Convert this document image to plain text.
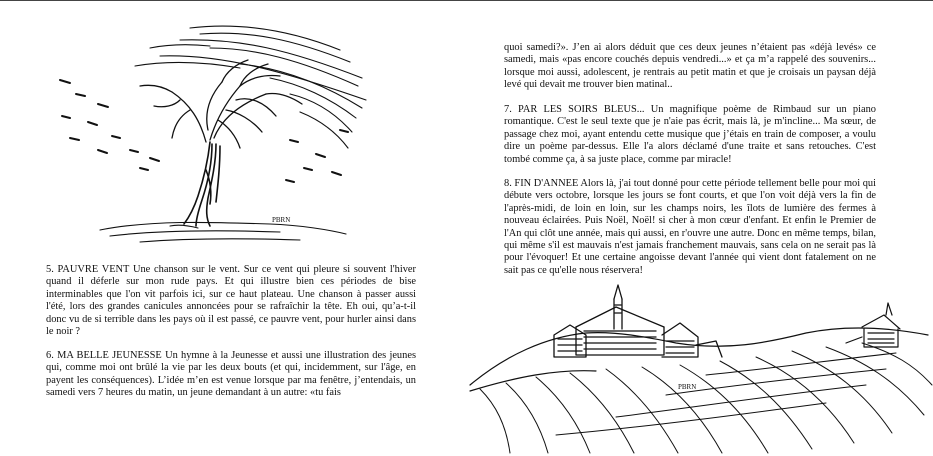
PBRN

5. PAUVRE VENT Une chanson sur le vent. Sur ce vent qui pleure si souvent l'hiver quand il déferle sur mon rude pays. Et qui illustre bien ces périodes de bise interminables que l'on vit parfois ici, sur ce haut plateau. Une chanson à passer aussi l'été, lors des grandes canicules annoncées pour se rafraîchir la tête. Eh oui, qu’a-t-il donc vu de si terrible dans les pays où il est passé, ce pauvre vent, pour hurler ainsi dans le noir ?

6. MA BELLE JEUNESSE Un hymne à la Jeunesse et aussi une illustration des jeunes qui, comme moi ont brûlé la vie par les deux bouts (et qui, incidemment, sur l'âge, en payent les conséquences). L’idée m’en est venue lorsque par ma fenêtre, j’entendais, un samedi vers 7 heures du matin, un jeune demandant à un autre: «tu fais

quoi samedi?». J’en ai alors déduit que ces deux jeunes n’étaient pas «déjà levés» ce samedi, mais «pas encore couchés depuis vendredi...» et ça m’a rappelé des souvenirs... lorsque moi aussi, adolescent, je rentrais au petit matin et que je croisais un paysan déjà levé qui devait me trouver bien matinal..

7. PAR LES SOIRS BLEUS... Un magnifique poème de Rimbaud sur un piano romantique. C'est le seul texte que je n'aie pas écrit, mais là, je m'incline... Ma sœur, de passage chez moi, ayant entendu cette musique que j’étais en train de composer, a voulu dire un poème par-dessus. Elle l'a alors déclamé d'une traite et sans retouches. C'est tombé comme ça, à sa juste place, comme par miracle!

8. FIN D'ANNEE Alors là, j'ai tout donné pour cette période tellement belle pour moi qui débute vers octobre, lorsque les jours se font courts, et que l'on voit déjà vers la fin de l'après-midi, de loin en loin, sur les champs noirs, les îlots de lumière des fermes à nouveau éclairées. Puis Noël, Noël! si cher à mon cœur d'enfant. Et enfin le Premier de l'An qui clôt une année, mais qui aussi, en r'ouvre une autre. Donc en même temps, bilan, qui même s'il est mauvais n'est jamais franchement mauvais, sans cela on ne serait pas là pour l'évoquer! Et une certaine angoisse devant l'année qui vient dont fatalement on ne sait pas ce qu'elle nous réservera!

PBRN
